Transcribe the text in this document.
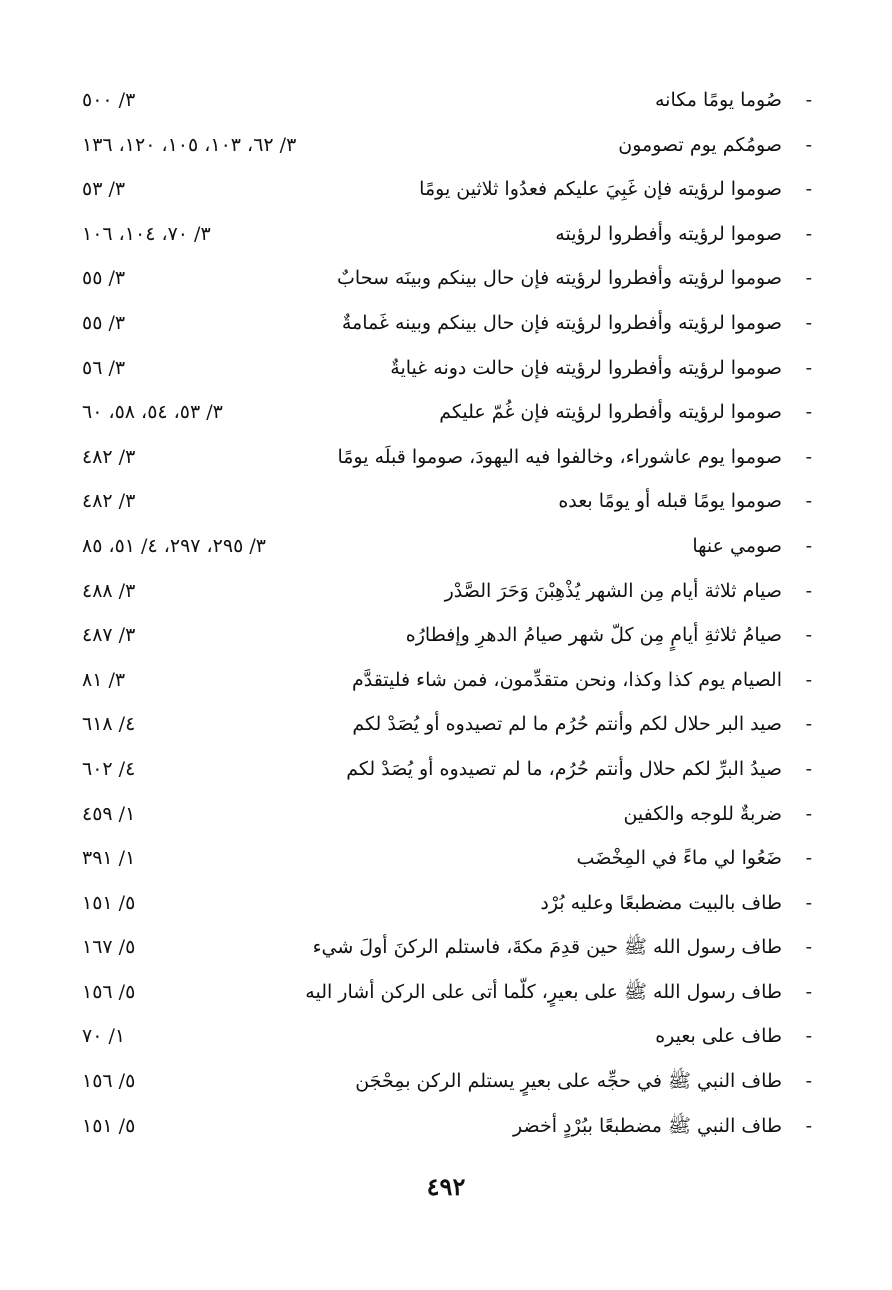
-
صُوما يومًا مكانه
٣/ ٥٠٠
-
صومُكم يوم تصومون
٣/ ٦٢، ١٠٣، ١٠٥، ١٢٠، ١٣٦
-
صوموا لرؤيته فإن غَبِيَ عليكم فعدُوا ثلاثين يومًا
٣/ ٥٣
-
صوموا لرؤيته وأفطروا لرؤيته
٣/ ٧٠، ١٠٤، ١٠٦
-
صوموا لرؤيته وأفطروا لرؤيته فإن حال بينكم وبينَه سحابٌ
٣/ ٥٥
-
صوموا لرؤيته وأفطروا لرؤيته فإن حال بينكم وبينه غَمامةٌ
٣/ ٥٥
-
صوموا لرؤيته وأفطروا لرؤيته فإن حالت دونه غيايةٌ
٣/ ٥٦
-
صوموا لرؤيته وأفطروا لرؤيته فإن غُمّ عليكم
٣/ ٥٣، ٥٤، ٥٨، ٦٠
-
صوموا يوم عاشوراء، وخالفوا فيه اليهودَ، صوموا قبلَه يومًا
٣/ ٤٨٢
-
صوموا يومًا قبله أو يومًا بعده
٣/ ٤٨٢
-
صومي عنها
٣/ ٢٩٥، ٢٩٧، ٤/ ٥١، ٨٥
-
صيام ثلاثة أيام مِن الشهر يُذْهِبْنَ وَحَرَ الصَّدْر
٣/ ٤٨٨
-
صيامُ ثلاثةِ أيامٍ مِن كلّ شهر صيامُ الدهرِ وإفطارُه
٣/ ٤٨٧
-
الصيام يوم كذا وكذا، ونحن متقدِّمون، فمن شاء فليتقدَّم
٣/ ٨١
-
صيد البر حلال لكم وأنتم حُرُم ما لم تصيدوه أو يُصَدْ لكم
٤/ ٦١٨
-
صيدُ البرِّ لكم حلال وأنتم حُرُم، ما لم تصيدوه أو يُصَدْ لكم
٤/ ٦٠٢
-
ضربةٌ للوجه والكفين
١/ ٤٥٩
-
ضَعُوا لي ماءً في المِخْضَب
١/ ٣٩١
-
طاف بالبيت مضطبعًا وعليه بُرْد
٥/ ١٥١
-
طاف رسول الله ﷺ حين قدِمَ مكةَ، فاستلم الركنَ أولَ شيء
٥/ ١٦٧
-
طاف رسول الله ﷺ على بعيرٍ، كلّما أتى على الركن أشار اليه
٥/ ١٥٦
-
طاف على بعيره
١/ ٧٠
-
طاف النبي ﷺ في حجِّه على بعيرٍ يستلم الركن بمِحْجَن
٥/ ١٥٦
-
طاف النبي ﷺ مضطبعًا ببُرْدٍ أخضر
٥/ ١٥١
٤٩٢
